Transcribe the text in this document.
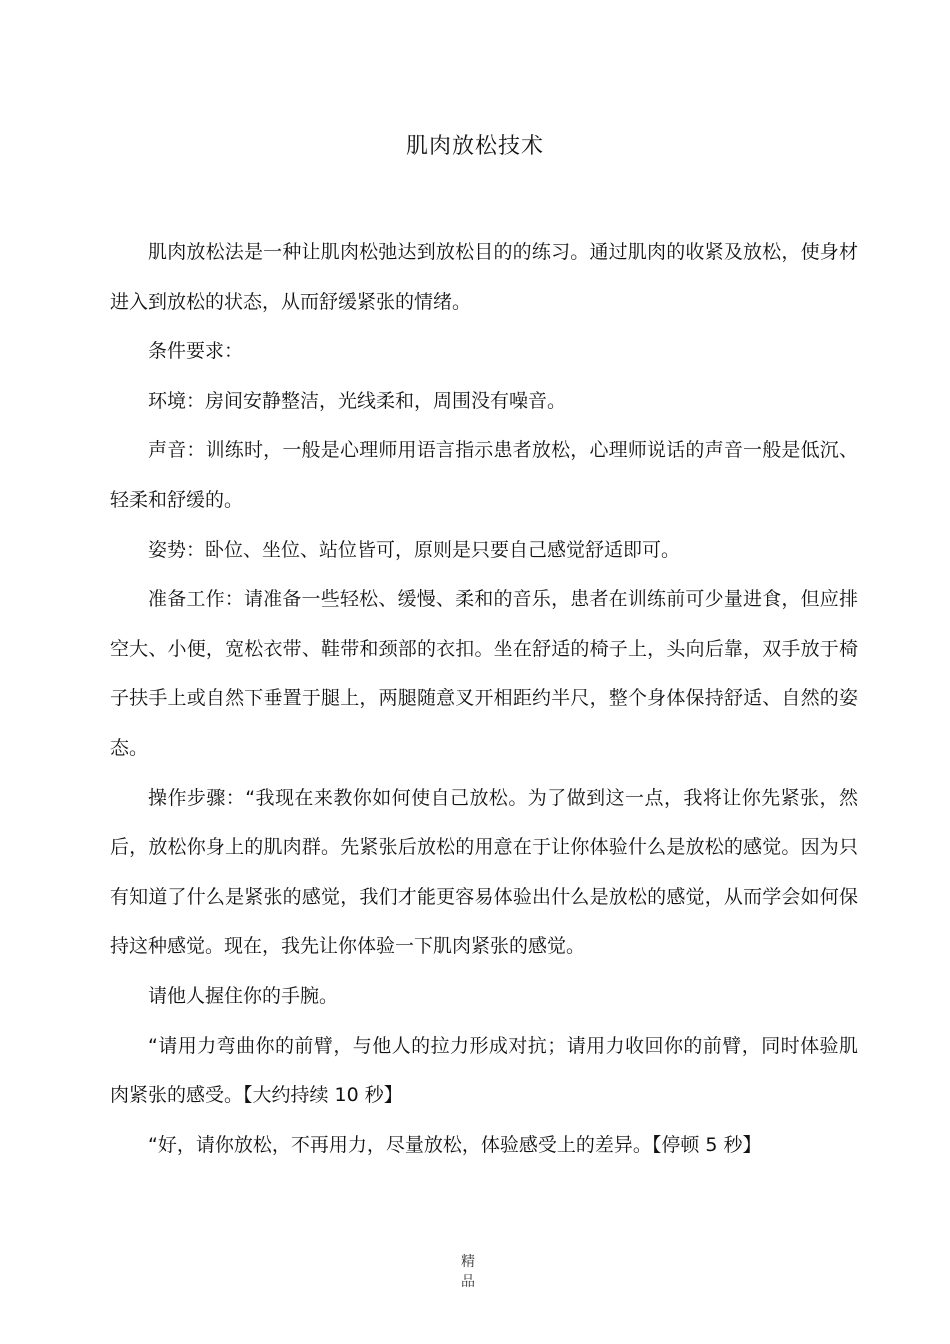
肌肉放松技术

肌肉放松法是一种让肌肉松弛达到放松目的的练习。通过肌肉的收紧及放松，使身材进入到放松的状态，从而舒缓紧张的情绪。

条件要求：

环境：房间安静整洁，光线柔和，周围没有噪音。

声音：训练时，一般是心理师用语言指示患者放松，心理师说话的声音一般是低沉、轻柔和舒缓的。

姿势：卧位、坐位、站位皆可，原则是只要自己感觉舒适即可。

准备工作：请准备一些轻松、缓慢、柔和的音乐，患者在训练前可少量进食，但应排空大、小便，宽松衣带、鞋带和颈部的衣扣。坐在舒适的椅子上，头向后靠，双手放于椅子扶手上或自然下垂置于腿上，两腿随意叉开相距约半尺，整个身体保持舒适、自然的姿态。

操作步骤：“我现在来教你如何使自己放松。为了做到这一点，我将让你先紧张，然后，放松你身上的肌肉群。先紧张后放松的用意在于让你体验什么是放松的感觉。因为只有知道了什么是紧张的感觉，我们才能更容易体验出什么是放松的感觉，从而学会如何保持这种感觉。现在，我先让你体验一下肌肉紧张的感觉。

请他人握住你的手腕。

“请用力弯曲你的前臂，与他人的拉力形成对抗；请用力收回你的前臂，同时体验肌肉紧张的感受。【大约持续 10 秒】

“好，请你放松，不再用力，尽量放松，体验感受上的差异。【停顿 5 秒】

精
品
